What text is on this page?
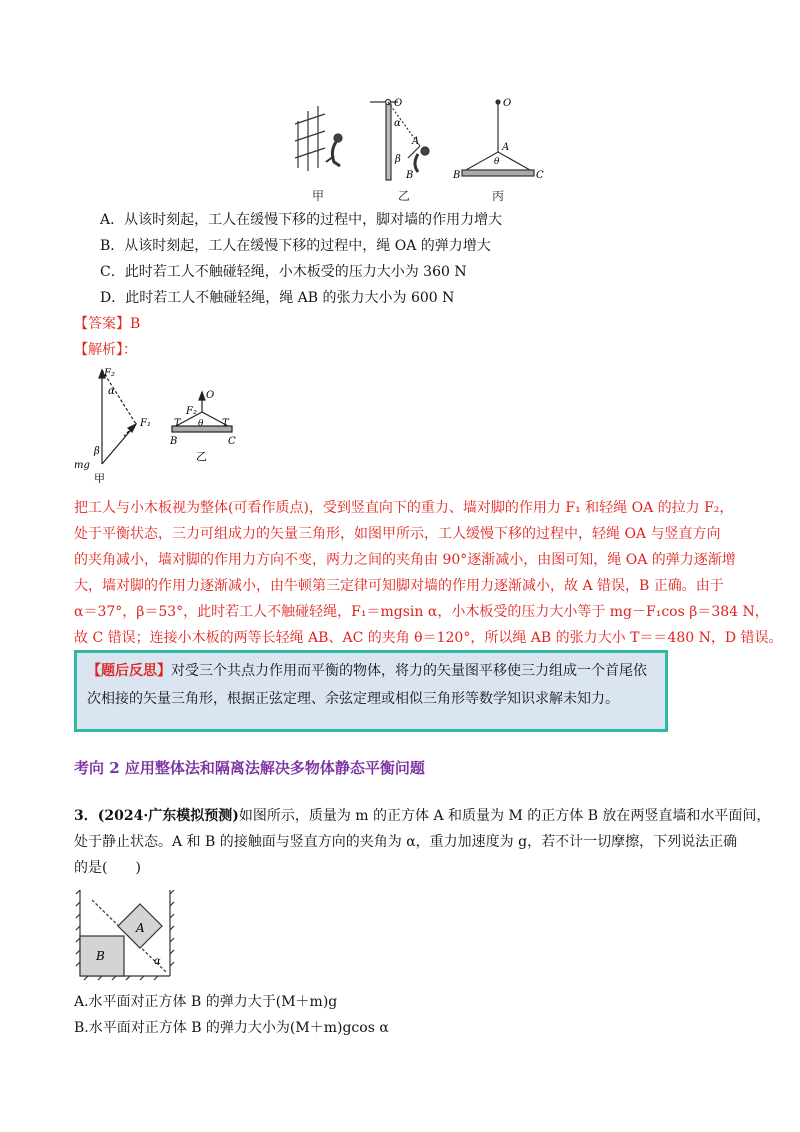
甲
O
α
A
β
B
乙
O
A
θ
B	C
丙
A．从该时刻起，工人在缓慢下移的过程中，脚对墙的作用力增大
B．从该时刻起，工人在缓慢下移的过程中，绳 OA 的弹力增大
C．此时若工人不触碰轻绳，小木板受的压力大小为 360 N
D．此时若工人不触碰轻绳，绳 AB 的张力大小为 600 N
【答案】B
【解析】：
F₂
α
F₁
mg
β
甲
O
F₂
T θ T
B	C
乙
把工人与小木板视为整体(可看作质点)，受到竖直向下的重力、墙对脚的作用力 F₁ 和轻绳 OA 的拉力 F₂，
处于平衡状态，三力可组成力的矢量三角形，如图甲所示，工人缓慢下移的过程中，轻绳 OA 与竖直方向
的夹角减小，墙对脚的作用力方向不变，两力之间的夹角由 90°逐渐减小，由图可知，绳 OA 的弹力逐渐增
大，墙对脚的作用力逐渐减小，由牛顿第三定律可知脚对墙的作用力逐渐减小，故 A 错误，B 正确。由于
α＝37°，β＝53°，此时若工人不触碰轻绳，F₁＝mgsin α，小木板受的压力大小等于 mg－F₁cos β＝384 N，
故 C 错误；连接小木板的两等长轻绳 AB、AC 的夹角 θ＝120°，所以绳 AB 的张力大小 T＝＝480 N，D 错误。
【题后反思】对受三个共点力作用而平衡的物体，将力的矢量图平移使三力组成一个首尾依
次相接的矢量三角形，根据正弦定理、余弦定理或相似三角形等数学知识求解未知力。
考向 2 应用整体法和隔离法解决多物体静态平衡问题
3．(2024·广东模拟预测)如图所示，质量为 m 的正方体 A 和质量为 M 的正方体 B 放在两竖直墙和水平面间，
处于静止状态。A 和 B 的接触面与竖直方向的夹角为 α，重力加速度为 g，若不计一切摩擦，下列说法正确
的是(　　)
A
B	α
A.水平面对正方体 B 的弹力大于(M＋m)g
B.水平面对正方体 B 的弹力大小为(M＋m)gcos α
